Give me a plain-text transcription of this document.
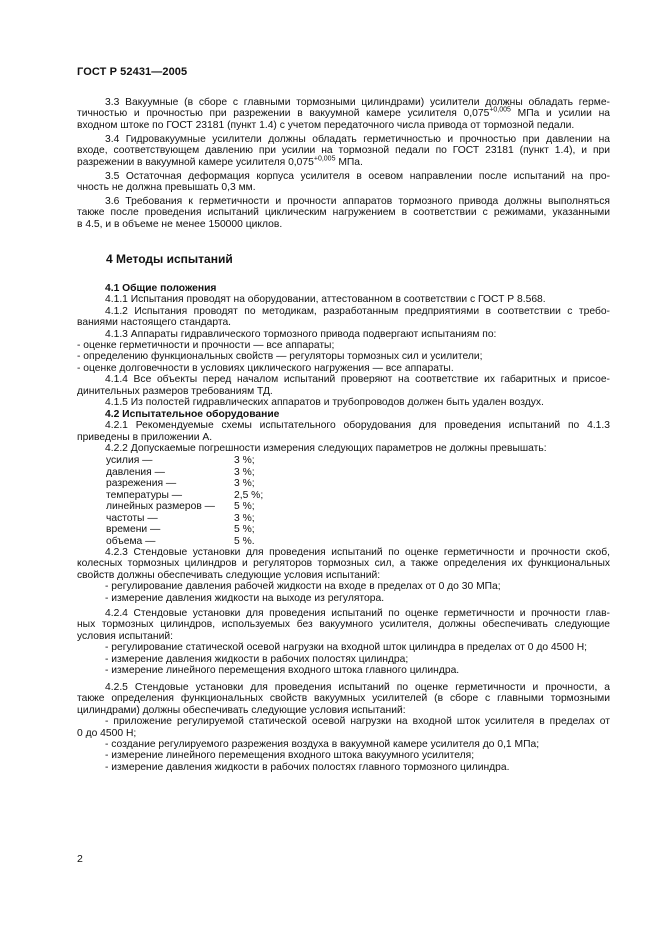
ГОСТ Р 52431—2005
3.3 Вакуумные (в сборе с главными тормозными цилиндрами) усилители должны обладать герме-
тичностью и прочностью при разрежении в вакуумной камере усилителя $0,075^{+0,005}$ МПа и усилии на
входном штоке по ГОСТ 23181 (пункт 1.4) с учетом передаточного числа привода от тормозной педали.
3.4 Гидровакуумные усилители должны обладать герметичностью и прочностью при давлении на
входе, соответствующем давлению при усилии на тормозной педали по ГОСТ 23181 (пункт 1.4), и при
разрежении в вакуумной камере усилителя $0,075^{+0,005}$ МПа.
3.5 Остаточная деформация корпуса усилителя в осевом направлении после испытаний на про-
чность не должна превышать 0,3 мм.
3.6 Требования к герметичности и прочности аппаратов тормозного привода должны выполняться
также после проведения испытаний циклическим нагружением в соответствии с режимами, указанными
в 4.5, и в объеме не менее 150000 циклов.
4 Методы испытаний
4.1 Общие положения
4.1.1 Испытания проводят на оборудовании, аттестованном в соответствии с ГОСТ Р 8.568.
4.1.2 Испытания проводят по методикам, разработанным предприятиями в соответствии с требо-
ваниями настоящего стандарта.
4.1.3 Аппараты гидравлического тормозного привода подвергают испытаниям по:
- оценке герметичности и прочности — все аппараты;
- определению функциональных свойств — регуляторы тормозных сил и усилители;
- оценке долговечности в условиях циклического нагружения — все аппараты.
4.1.4 Все объекты перед началом испытаний проверяют на соответствие их габаритных и присое-
динительных размеров требованиям ТД.
4.1.5 Из полостей гидравлических аппаратов и трубопроводов должен быть удален воздух.
4.2 Испытательное оборудование
4.2.1 Рекомендуемые схемы испытательного оборудования для проведения испытаний по 4.1.3
приведены в приложении А.
4.2.2 Допускаемые погрешности измерения следующих параметров не должны превышать:
усилия —	3 %;
давления —	3 %;
разрежения —	3 %;
температуры —	2,5 %;
линейных размеров —	5 %;
частоты —	3 %;
времени —	5 %;
объема —	5 %.
4.2.3 Стендовые установки для проведения испытаний по оценке герметичности и прочности скоб,
колесных тормозных цилиндров и регуляторов тормозных сил, а также определения их функциональных
свойств должны обеспечивать следующие условия испытаний:
- регулирование давления рабочей жидкости на входе в пределах от 0 до 30 МПа;
- измерение давления жидкости на выходе из регулятора.
4.2.4 Стендовые установки для проведения испытаний по оценке герметичности и прочности глав-
ных тормозных цилиндров, используемых без вакуумного усилителя, должны обеспечивать следующие
условия испытаний:
- регулирование статической осевой нагрузки на входной шток цилиндра в пределах от 0 до 4500 Н;
- измерение давления жидкости в рабочих полостях цилиндра;
- измерение линейного перемещения входного штока главного цилиндра.
4.2.5 Стендовые установки для проведения испытаний по оценке герметичности и прочности, а
также определения функциональных свойств вакуумных усилителей (в сборе с главными тормозными
цилиндрами) должны обеспечивать следующие условия испытаний:
- приложение регулируемой статической осевой нагрузки на входной шток усилителя в пределах от
0 до 4500 Н;
- создание регулируемого разрежения воздуха в вакуумной камере усилителя до 0,1 МПа;
- измерение линейного перемещения входного штока вакуумного усилителя;
- измерение давления жидкости в рабочих полостях главного тормозного цилиндра.
2
